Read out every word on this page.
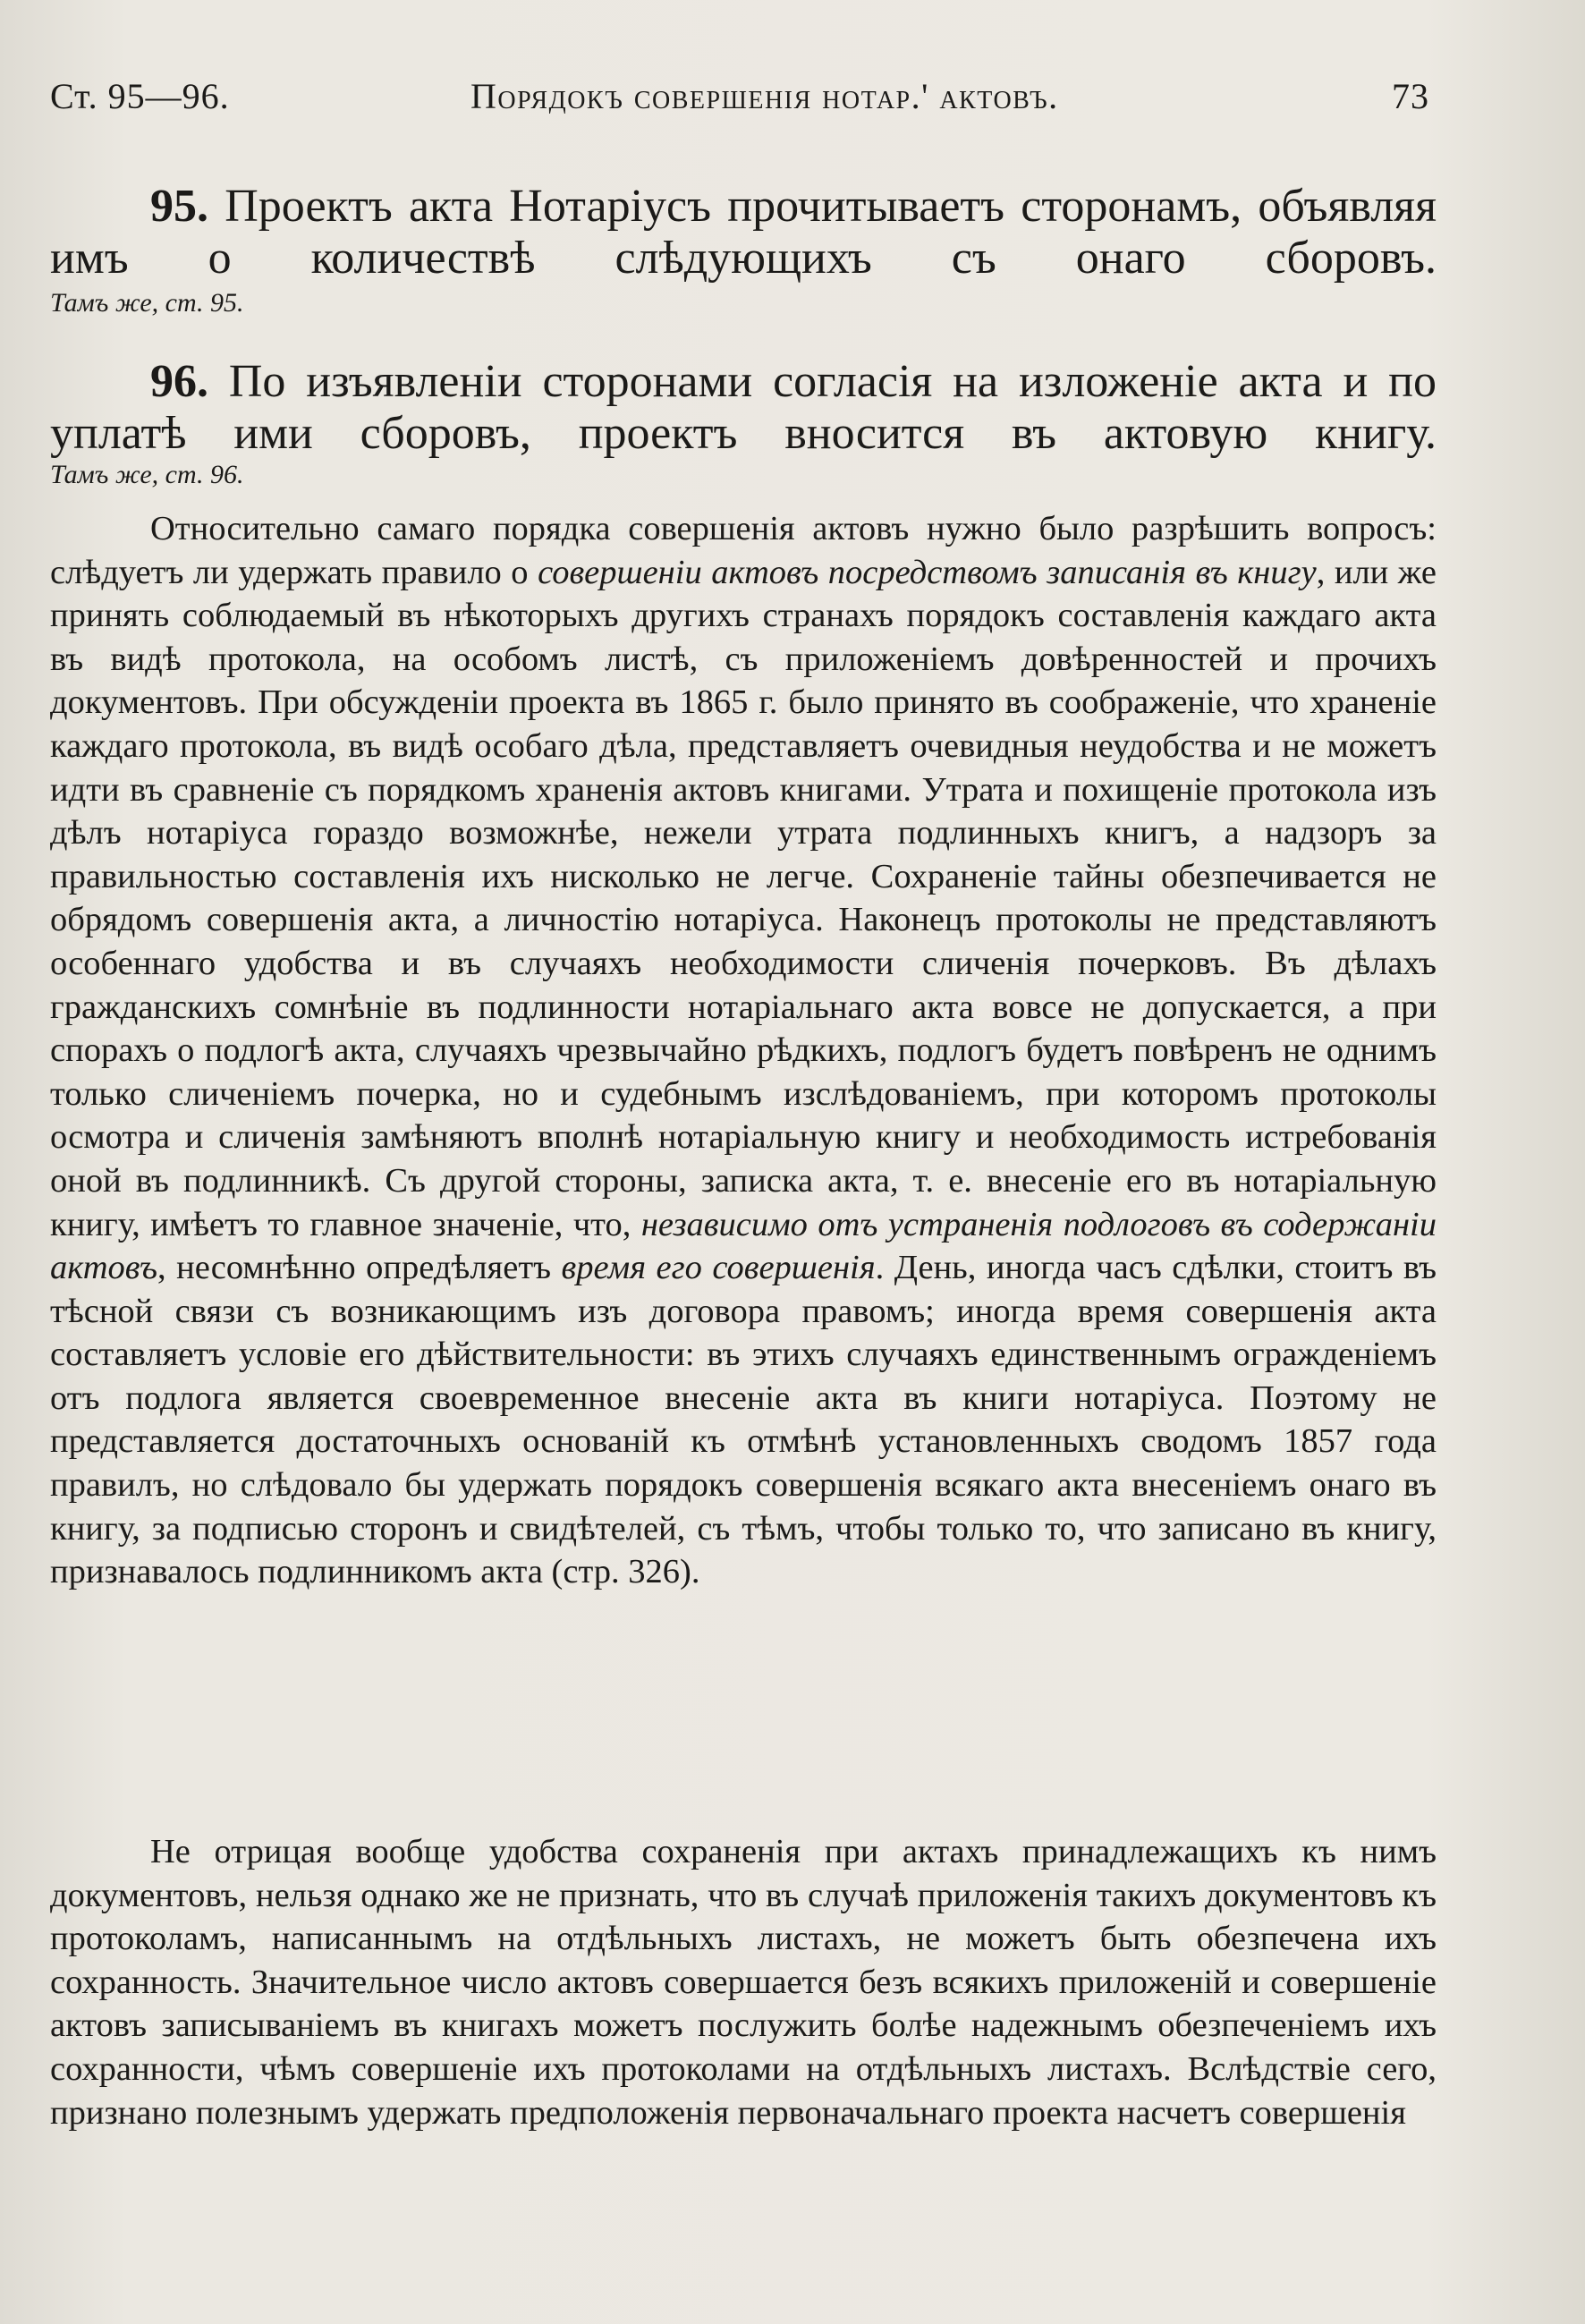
Ст. 95—96.	Порядокъ совершенія нотар.' актовъ.	73

95. Проектъ акта Нотаріусъ прочитываетъ сторонамъ, объявляя имъ о количествѣ слѣдующихъ съ онаго сборовъ.

Тамъ же, ст. 95.

96. По изъявленіи сторонами согласія на изложеніе акта и по уплатѣ ими сборовъ, проектъ вносится въ актовую книгу.

Тамъ же, ст. 96.

Относительно самаго порядка совершенія актовъ нужно было разрѣшить вопросъ: слѣдуетъ ли удержать правило о совершеніи актовъ посредствомъ записанія въ книгу, или же принять соблюдаемый въ нѣкоторыхъ другихъ странахъ порядокъ составленія каждаго акта въ видѣ протокола, на особомъ листѣ, съ приложеніемъ довѣренностей и прочихъ документовъ. При обсужденіи проекта въ 1865 г. было принято въ соображеніе, что храненіе каждаго протокола, въ видѣ особаго дѣла, представляетъ очевидныя неудобства и не можетъ идти въ сравненіе съ порядкомъ храненія актовъ книгами. Утрата и похищеніе протокола изъ дѣлъ нотаріуса гораздо возможнѣе, нежели утрата подлинныхъ книгъ, а надзоръ за правильностью составленія ихъ нисколько не легче. Сохраненіе тайны обезпечивается не обрядомъ совершенія акта, а личностію нотаріуса. Наконецъ протоколы не представляютъ особеннаго удобства и въ случаяхъ необходимости сличенія почерковъ. Въ дѣлахъ гражданскихъ сомнѣніе въ подлинности нотаріальнаго акта вовсе не допускается, а при спорахъ о подлогѣ акта, случаяхъ чрезвычайно рѣдкихъ, подлогъ будетъ повѣренъ не однимъ только сличеніемъ почерка, но и судебнымъ изслѣдованіемъ, при которомъ протоколы осмотра и сличенія замѣняютъ вполнѣ нотаріальную книгу и необходимость истребованія оной въ подлинникѣ. Съ другой стороны, записка акта, т. е. внесеніе его въ нотаріальную книгу, имѣетъ то главное значеніе, что, независимо отъ устраненія подлоговъ въ содержаніи актовъ, несомнѣнно опредѣляетъ время его совершенія. День, иногда часъ сдѣлки, стоитъ въ тѣсной связи съ возникающимъ изъ договора правомъ; иногда время совершенія акта составляетъ условіе его дѣйствительности: въ этихъ случаяхъ единственнымъ огражденіемъ отъ подлога является своевременное внесеніе акта въ книги нотаріуса. Поэтому не представляется достаточныхъ основаній къ отмѣнѣ установленныхъ сводомъ 1857 года правилъ, но слѣдовало бы удержать порядокъ совершенія всякаго акта внесеніемъ онаго въ книгу, за подписью сторонъ и свидѣтелей, съ тѣмъ, чтобы только то, что записано въ книгу, признавалось подлинникомъ акта (стр. 326).

Не отрицая вообще удобства сохраненія при актахъ принадлежащихъ къ нимъ документовъ, нельзя однако же не признать, что въ случаѣ приложенія такихъ документовъ къ протоколамъ, написаннымъ на отдѣльныхъ листахъ, не можетъ быть обезпечена ихъ сохранность. Значительное число актовъ совершается безъ всякихъ приложеній и совершеніе актовъ записываніемъ въ книгахъ можетъ послужить болѣе надежнымъ обезпеченіемъ ихъ сохранности, чѣмъ совершеніе ихъ протоколами на отдѣльныхъ листахъ. Вслѣдствіе сего, признано полезнымъ удержать предположенія первоначальнаго проекта насчетъ совершенія
